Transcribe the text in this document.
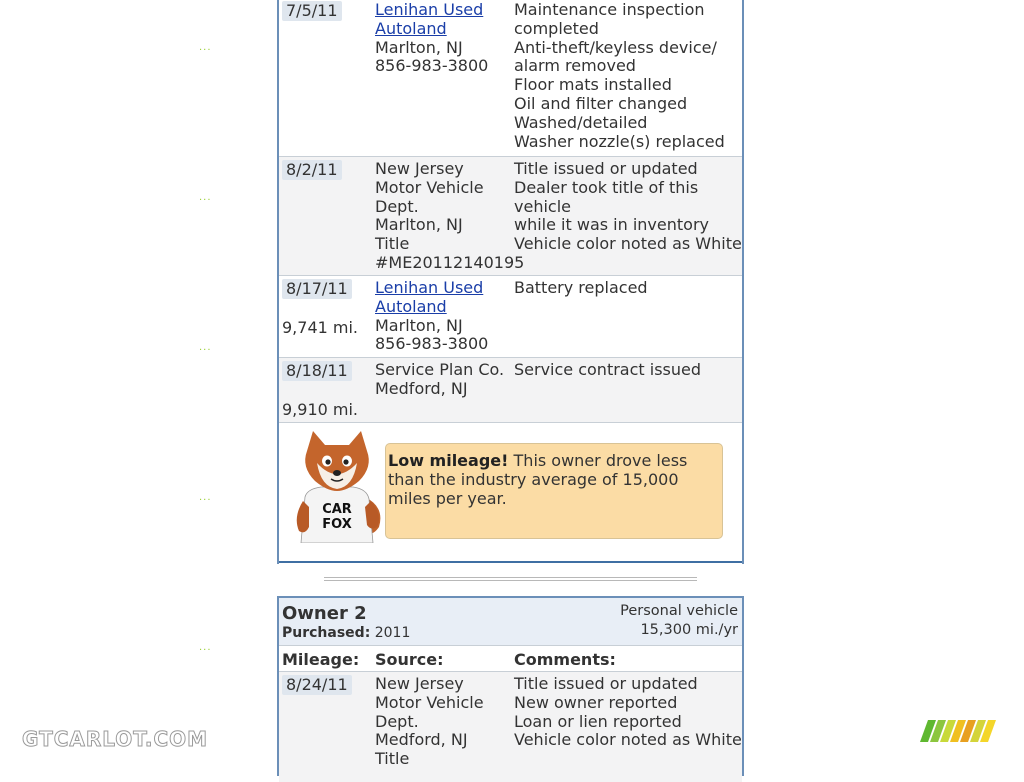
···
···
···
···
···
7/5/11 Lenihan Used
Autoland
Marlton, NJ
856-983-3800
Maintenance inspection
completed
Anti-theft/keyless device/
alarm removed
Floor mats installed
Oil and filter changed
Washed/detailed
Washer nozzle(s) replaced
8/2/11 New Jersey
Motor Vehicle
Dept.
Marlton, NJ
Title
#ME20112140195
Title issued or updated
Dealer took title of this vehicle
while it was in inventory
Vehicle color noted as White
8/17/11
9,741 mi.
Lenihan Used
Autoland
Marlton, NJ
856-983-3800
Battery replaced
8/18/11
9,910 mi.
Service Plan Co.
Medford, NJ
Service contract issued
CAR
FOX
Low mileage! This owner drove less than the industry average of 15,000 miles per year.
Owner 2
Purchased: 2011
Personal vehicle
15,300 mi./yr
Mileage: Source:	Comments:
8/24/11 New Jersey
Motor Vehicle
Dept.
Medford, NJ
Title
Title issued or updated
New owner reported
Loan or lien reported
Vehicle color noted as White
GTCARLOT.COM
